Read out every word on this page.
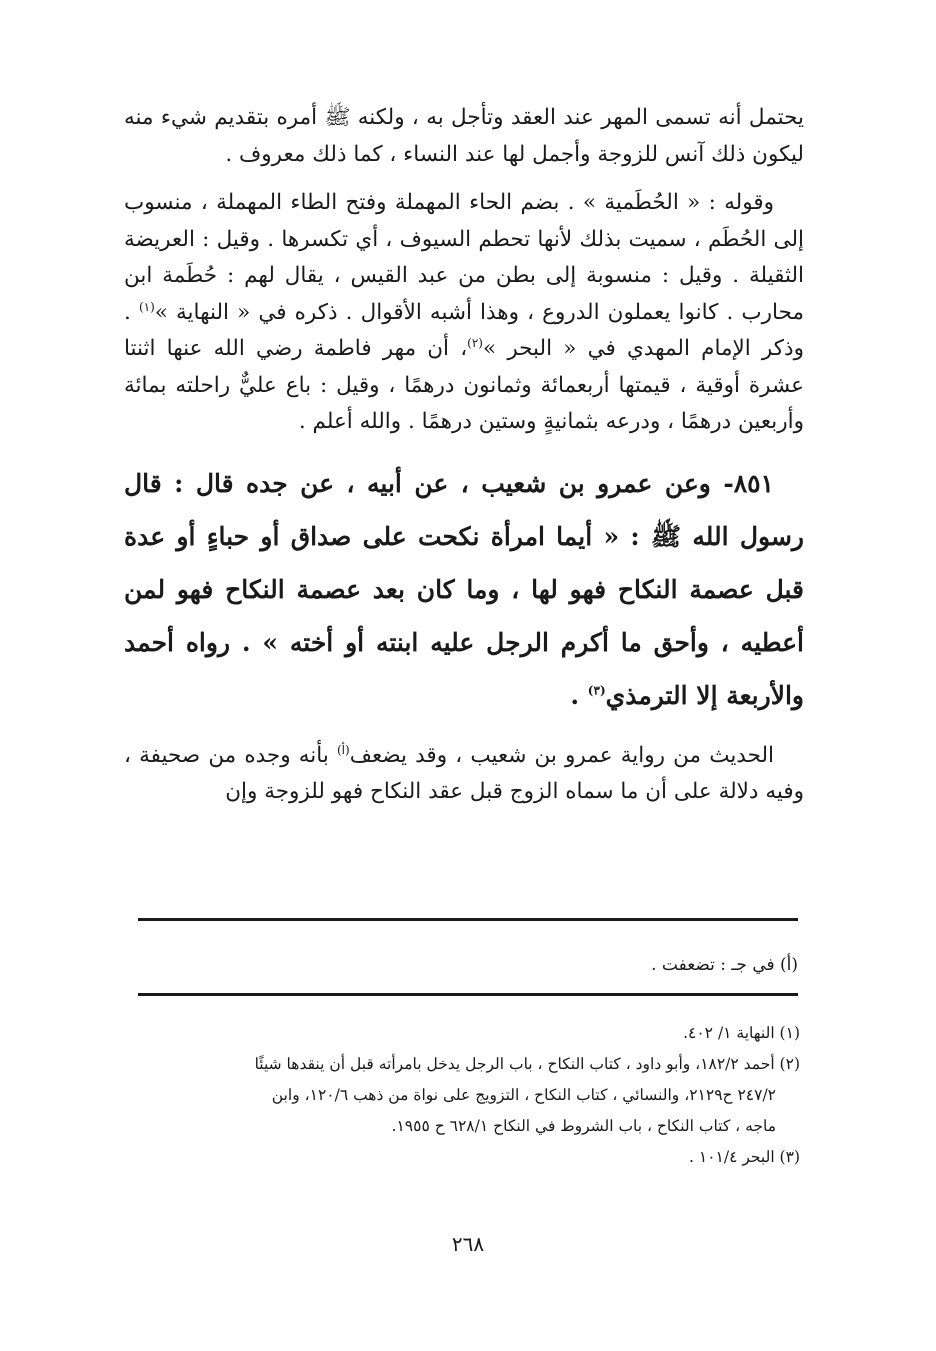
يحتمل أنه تسمى المهر عند العقد وتأجل به ، ولكنه ﷺ أمره بتقديم شيء منه ليكون ذلك آنس للزوجة وأجمل لها عند النساء ، كما ذلك معروف .

وقوله : « الحُطَمية » . بضم الحاء المهملة وفتح الطاء المهملة ، منسوب إلى الحُطَم ، سميت بذلك لأنها تحطم السيوف ، أي تكسرها . وقيل : العريضة الثقيلة . وقيل : منسوبة إلى بطن من عبد القيس ، يقال لهم : حُطَمة ابن محارب . كانوا يعملون الدروع ، وهذا أشبه الأقوال . ذكره في « النهاية »$^{(١)}$ . وذكر الإمام المهدي في « البحر »$^{(٢)}$، أن مهر فاطمة رضي الله عنها اثنتا عشرة أوقية ، قيمتها أربعمائة وثمانون درهمًا ، وقيل : باع عليٌّ راحلته بمائة وأربعين درهمًا ، ودرعه بثمانيةٍ وستين درهمًا . والله أعلم .

٨٥١- وعن عمرو بن شعيب ، عن أبيه ، عن جده قال : قال رسول الله ﷺ : « أيما امرأة نكحت على صداق أو حباءٍ أو عدة قبل عصمة النكاح فهو لها ، وما كان بعد عصمة النكاح فهو لمن أعطيه ، وأحق ما أكرم الرجل عليه ابنته أو أخته » . رواه أحمد والأربعة إلا الترمذي$^{(٣)}$ .

الحديث من رواية عمرو بن شعيب ، وقد يضعف$^{(أ)}$ بأنه وجده من صحيفة ، وفيه دلالة على أن ما سماه الزوج قبل عقد النكاح فهو للزوجة وإن

(أ) في جـ : تضعفت .

(١) النهاية ١/ ٤٠٢.

(٢) أحمد ١٨٢/٢، وأبو داود ، كتاب النكاح ، باب الرجل يدخل بامرأته قبل أن ينقدها شيئًا

٢٤٧/٢ ح٢١٢٩، والنسائي ، كتاب النكاح ، التزويج على نواة من ذهب ١٢٠/٦، وابن

ماجه ، كتاب النكاح ، باب الشروط في النكاح ٦٢٨/١ ح ١٩٥٥.

(٣) البحر ١٠١/٤ .

٢٦٨
